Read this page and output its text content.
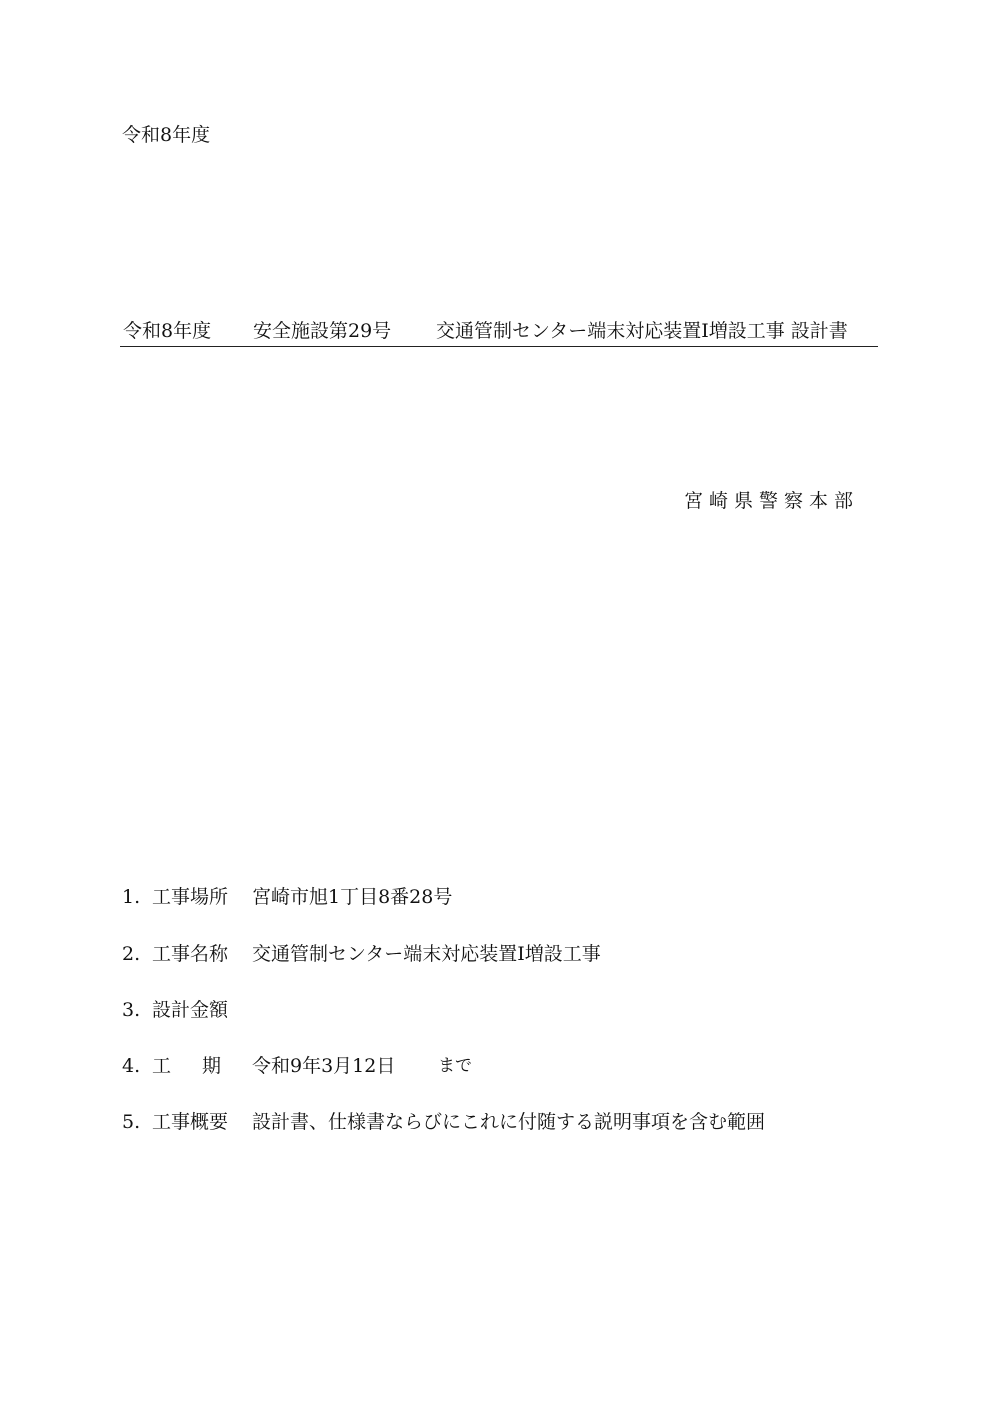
令和8年度
令和8年度 安全施設第29号 交通管制センター端末対応装置Ⅰ増設工事 設計書
宮崎県警察本部
1. 工事場所 宮崎市旭1丁目8番28号
2. 工事名称 交通管制センター端末対応装置Ⅰ増設工事
3. 設計金額
4. 工 期 令和9年3月12日	まで
5. 工事概要 設計書、仕様書ならびにこれに付随する説明事項を含む範囲
